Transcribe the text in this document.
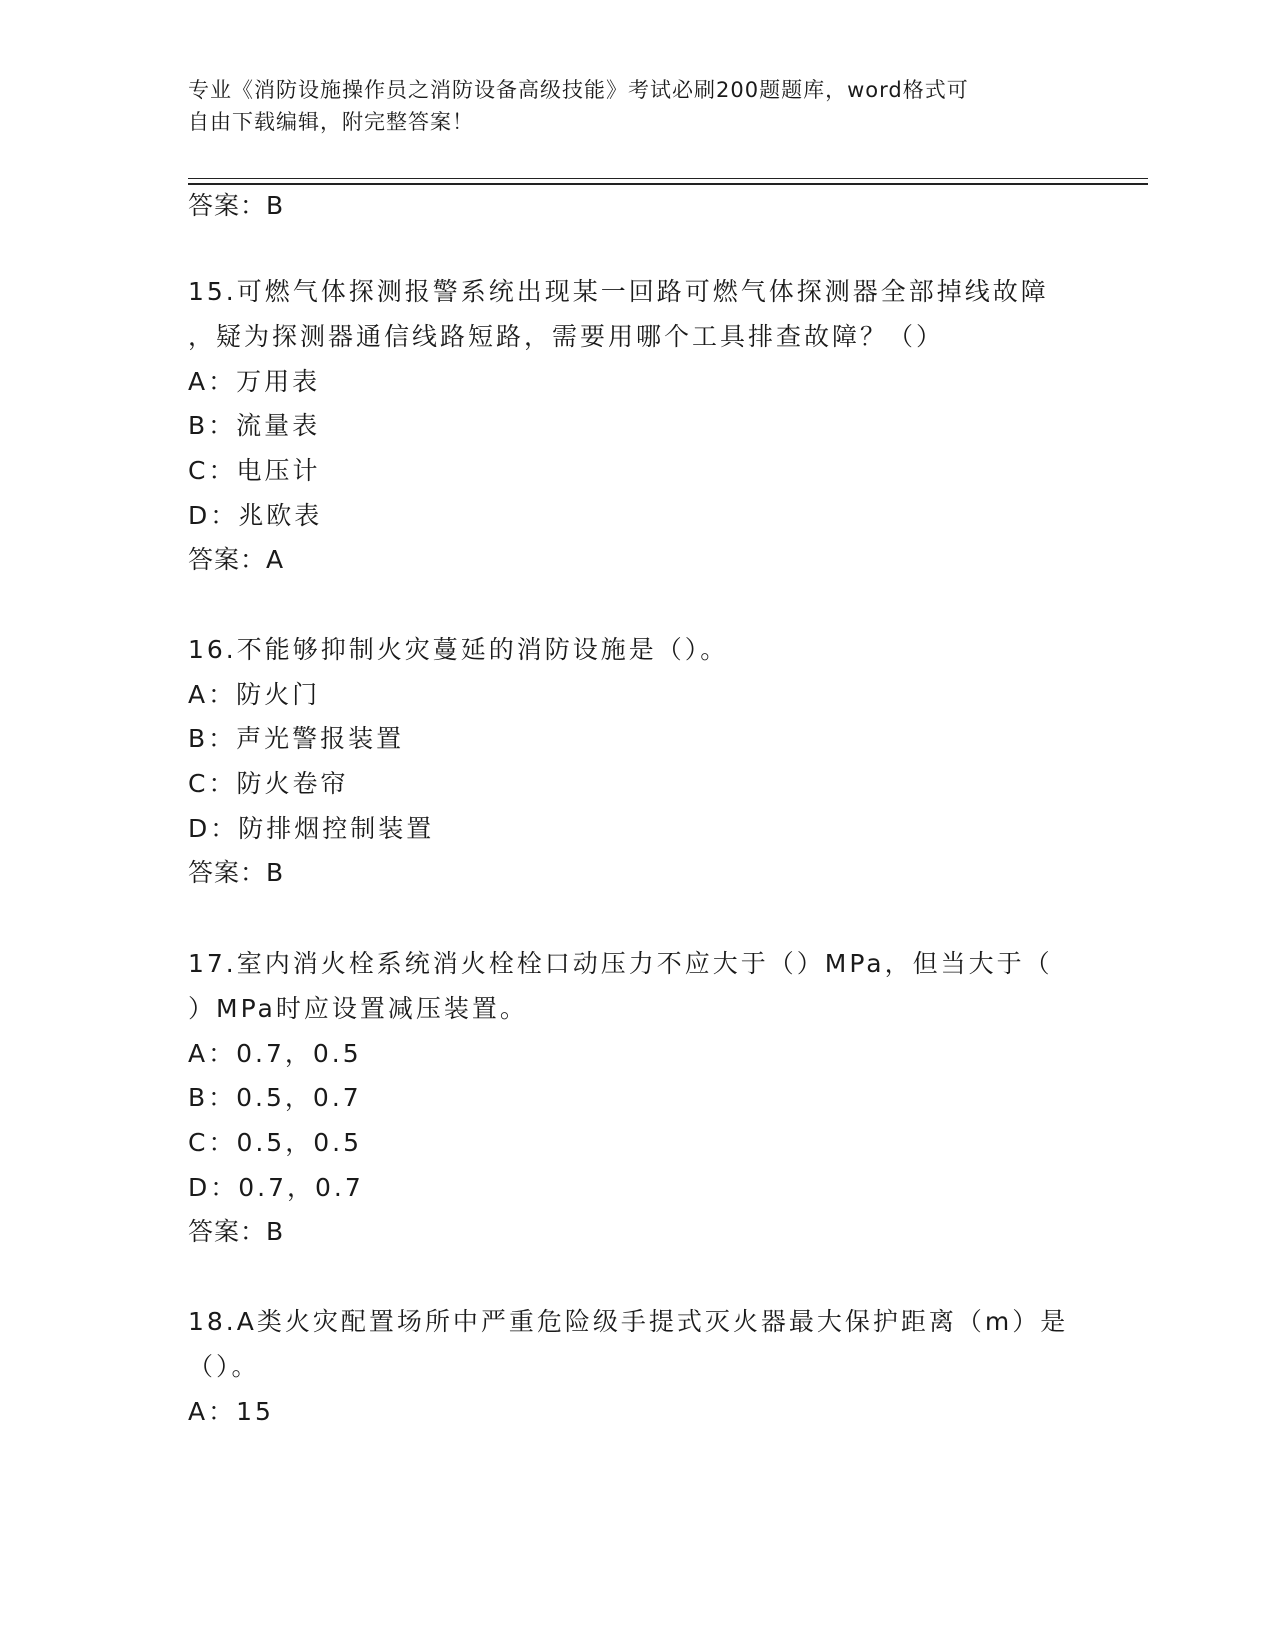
专业《消防设施操作员之消防设备高级技能》考试必刷200题题库，word格式可
自由下载编辑，附完整答案！
答案：B
15.可燃气体探测报警系统出现某一回路可燃气体探测器全部掉线故障
，疑为探测器通信线路短路，需要用哪个工具排查故障？（）
A：万用表
B：流量表
C：电压计
D：兆欧表
答案：A
16.不能够抑制火灾蔓延的消防设施是（）。
A：防火门
B：声光警报装置
C：防火卷帘
D：防排烟控制装置
答案：B
17.室内消火栓系统消火栓栓口动压力不应大于（）MPa，但当大于（
）MPa时应设置减压装置。
A：0.7，0.5
B：0.5，0.7
C：0.5，0.5
D：0.7，0.7
答案：B
18.A类火灾配置场所中严重危险级手提式灭火器最大保护距离（m）是
（）。
A：15
